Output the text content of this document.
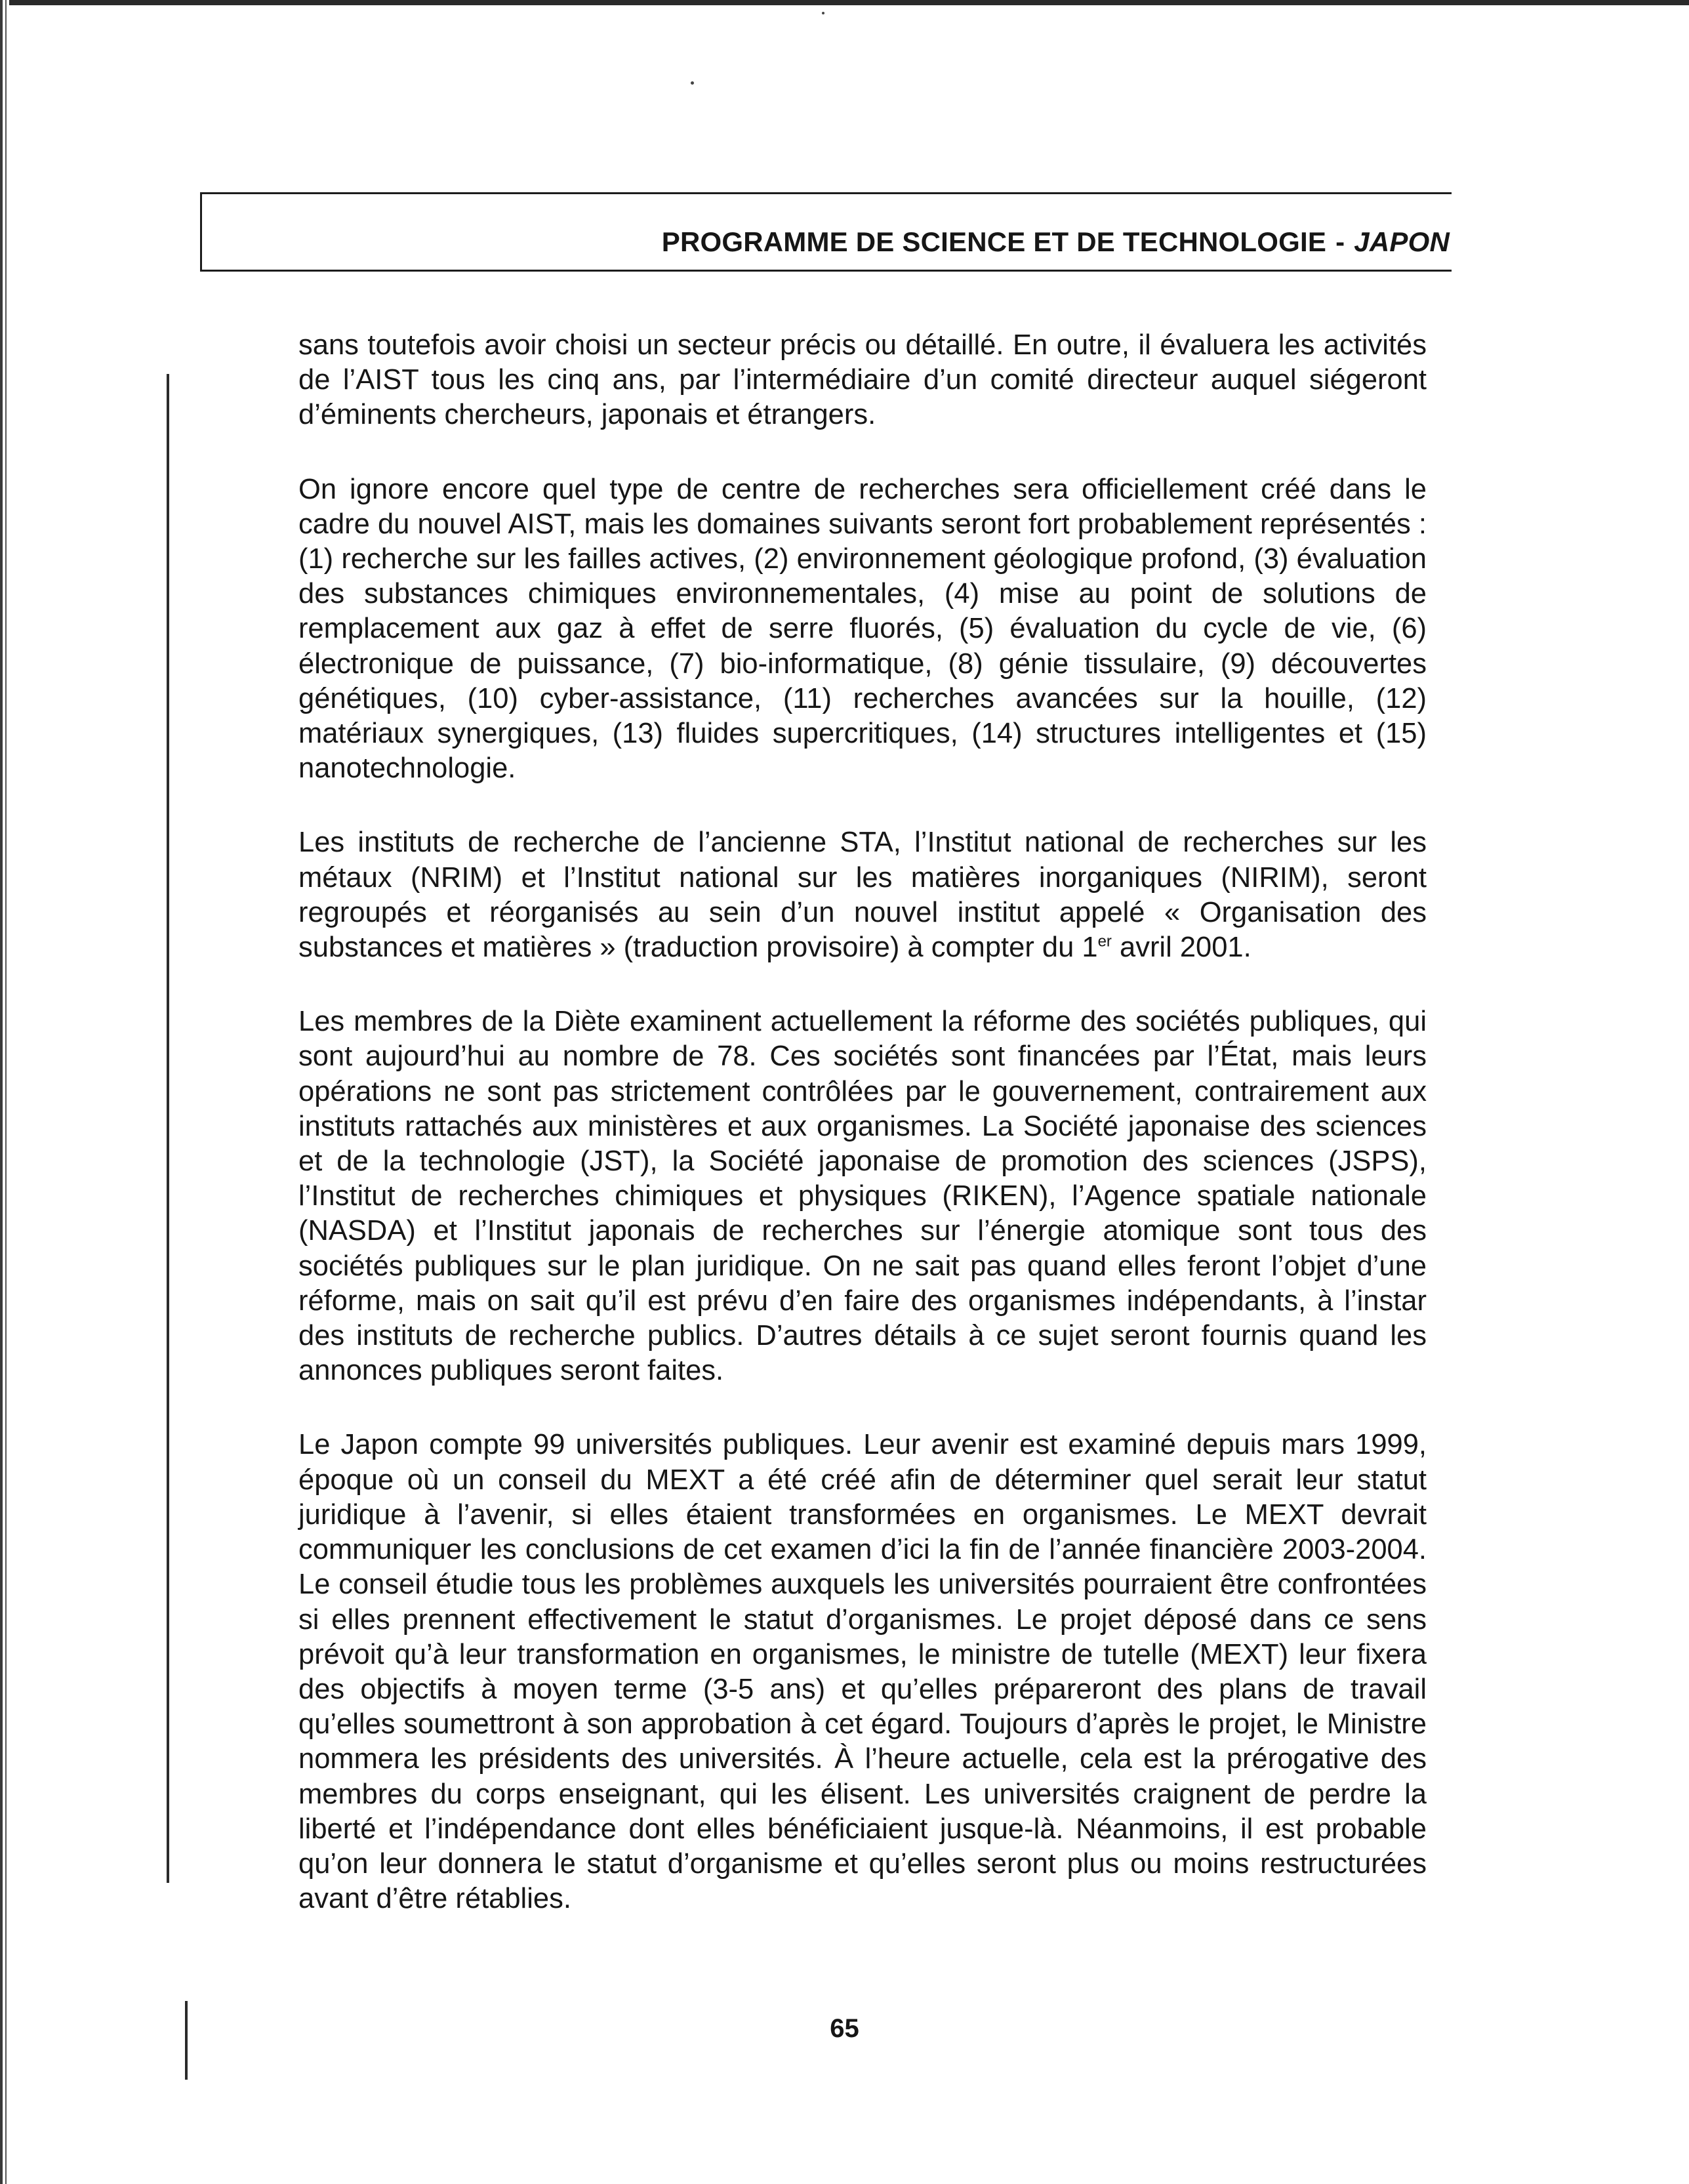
PROGRAMME DE SCIENCE ET DE TECHNOLOGIE - JAPON

sans toutefois avoir choisi un secteur précis ou détaillé. En outre, il évaluera les activités de l’AIST tous les cinq ans, par l’intermédiaire d’un comité directeur auquel siégeront d’éminents chercheurs, japonais et étrangers.

On ignore encore quel type de centre de recherches sera officiellement créé dans le cadre du nouvel AIST, mais les domaines suivants seront fort probablement représentés : (1) recherche sur les failles actives, (2) environnement géologique profond, (3) évaluation des substances chimiques environnementales, (4) mise au point de solutions de remplacement aux gaz à effet de serre fluorés, (5) évaluation du cycle de vie, (6) électronique de puissance, (7) bio-informatique, (8) génie tissulaire, (9) découvertes génétiques, (10) cyber-assistance, (11) recherches avancées sur la houille, (12) matériaux synergiques, (13) fluides supercritiques, (14) structures intelligentes et (15) nanotechnologie.

Les instituts de recherche de l’ancienne STA, l’Institut national de recherches sur les métaux (NRIM) et l’Institut national sur les matières inorganiques (NIRIM), seront regroupés et réorganisés au sein d’un nouvel institut appelé « Organisation des substances et matières » (traduction provisoire) à compter du 1er avril 2001.

Les membres de la Diète examinent actuellement la réforme des sociétés publiques, qui sont aujourd’hui au nombre de 78. Ces sociétés sont financées par l’État, mais leurs opérations ne sont pas strictement contrôlées par le gouvernement, contrairement aux instituts rattachés aux ministères et aux organismes. La Société japonaise des sciences et de la technologie (JST), la Société japonaise de promotion des sciences (JSPS), l’Institut de recherches chimiques et physiques (RIKEN), l’Agence spatiale nationale (NASDA) et l’Institut japonais de recherches sur l’énergie atomique sont tous des sociétés publiques sur le plan juridique. On ne sait pas quand elles feront l’objet d’une réforme, mais on sait qu’il est prévu d’en faire des organismes indépendants, à l’instar des instituts de recherche publics. D’autres détails à ce sujet seront fournis quand les annonces publiques seront faites.

Le Japon compte 99 universités publiques. Leur avenir est examiné depuis mars 1999, époque où un conseil du MEXT a été créé afin de déterminer quel serait leur statut juridique à l’avenir, si elles étaient transformées en organismes. Le MEXT devrait communiquer les conclusions de cet examen d’ici la fin de l’année financière 2003-2004. Le conseil étudie tous les problèmes auxquels les universités pourraient être confrontées si elles prennent effectivement le statut d’organismes. Le projet déposé dans ce sens prévoit qu’à leur transformation en organismes, le ministre de tutelle (MEXT) leur fixera des objectifs à moyen terme (3-5 ans) et qu’elles prépareront des plans de travail qu’elles soumettront à son approbation à cet égard. Toujours d’après le projet, le Ministre nommera les présidents des universités. À l’heure actuelle, cela est la prérogative des membres du corps enseignant, qui les élisent. Les universités craignent de perdre la liberté et l’indépendance dont elles bénéficiaient jusque-là. Néanmoins, il est probable qu’on leur donnera le statut d’organisme et qu’elles seront plus ou moins restructurées avant d’être rétablies.

65
